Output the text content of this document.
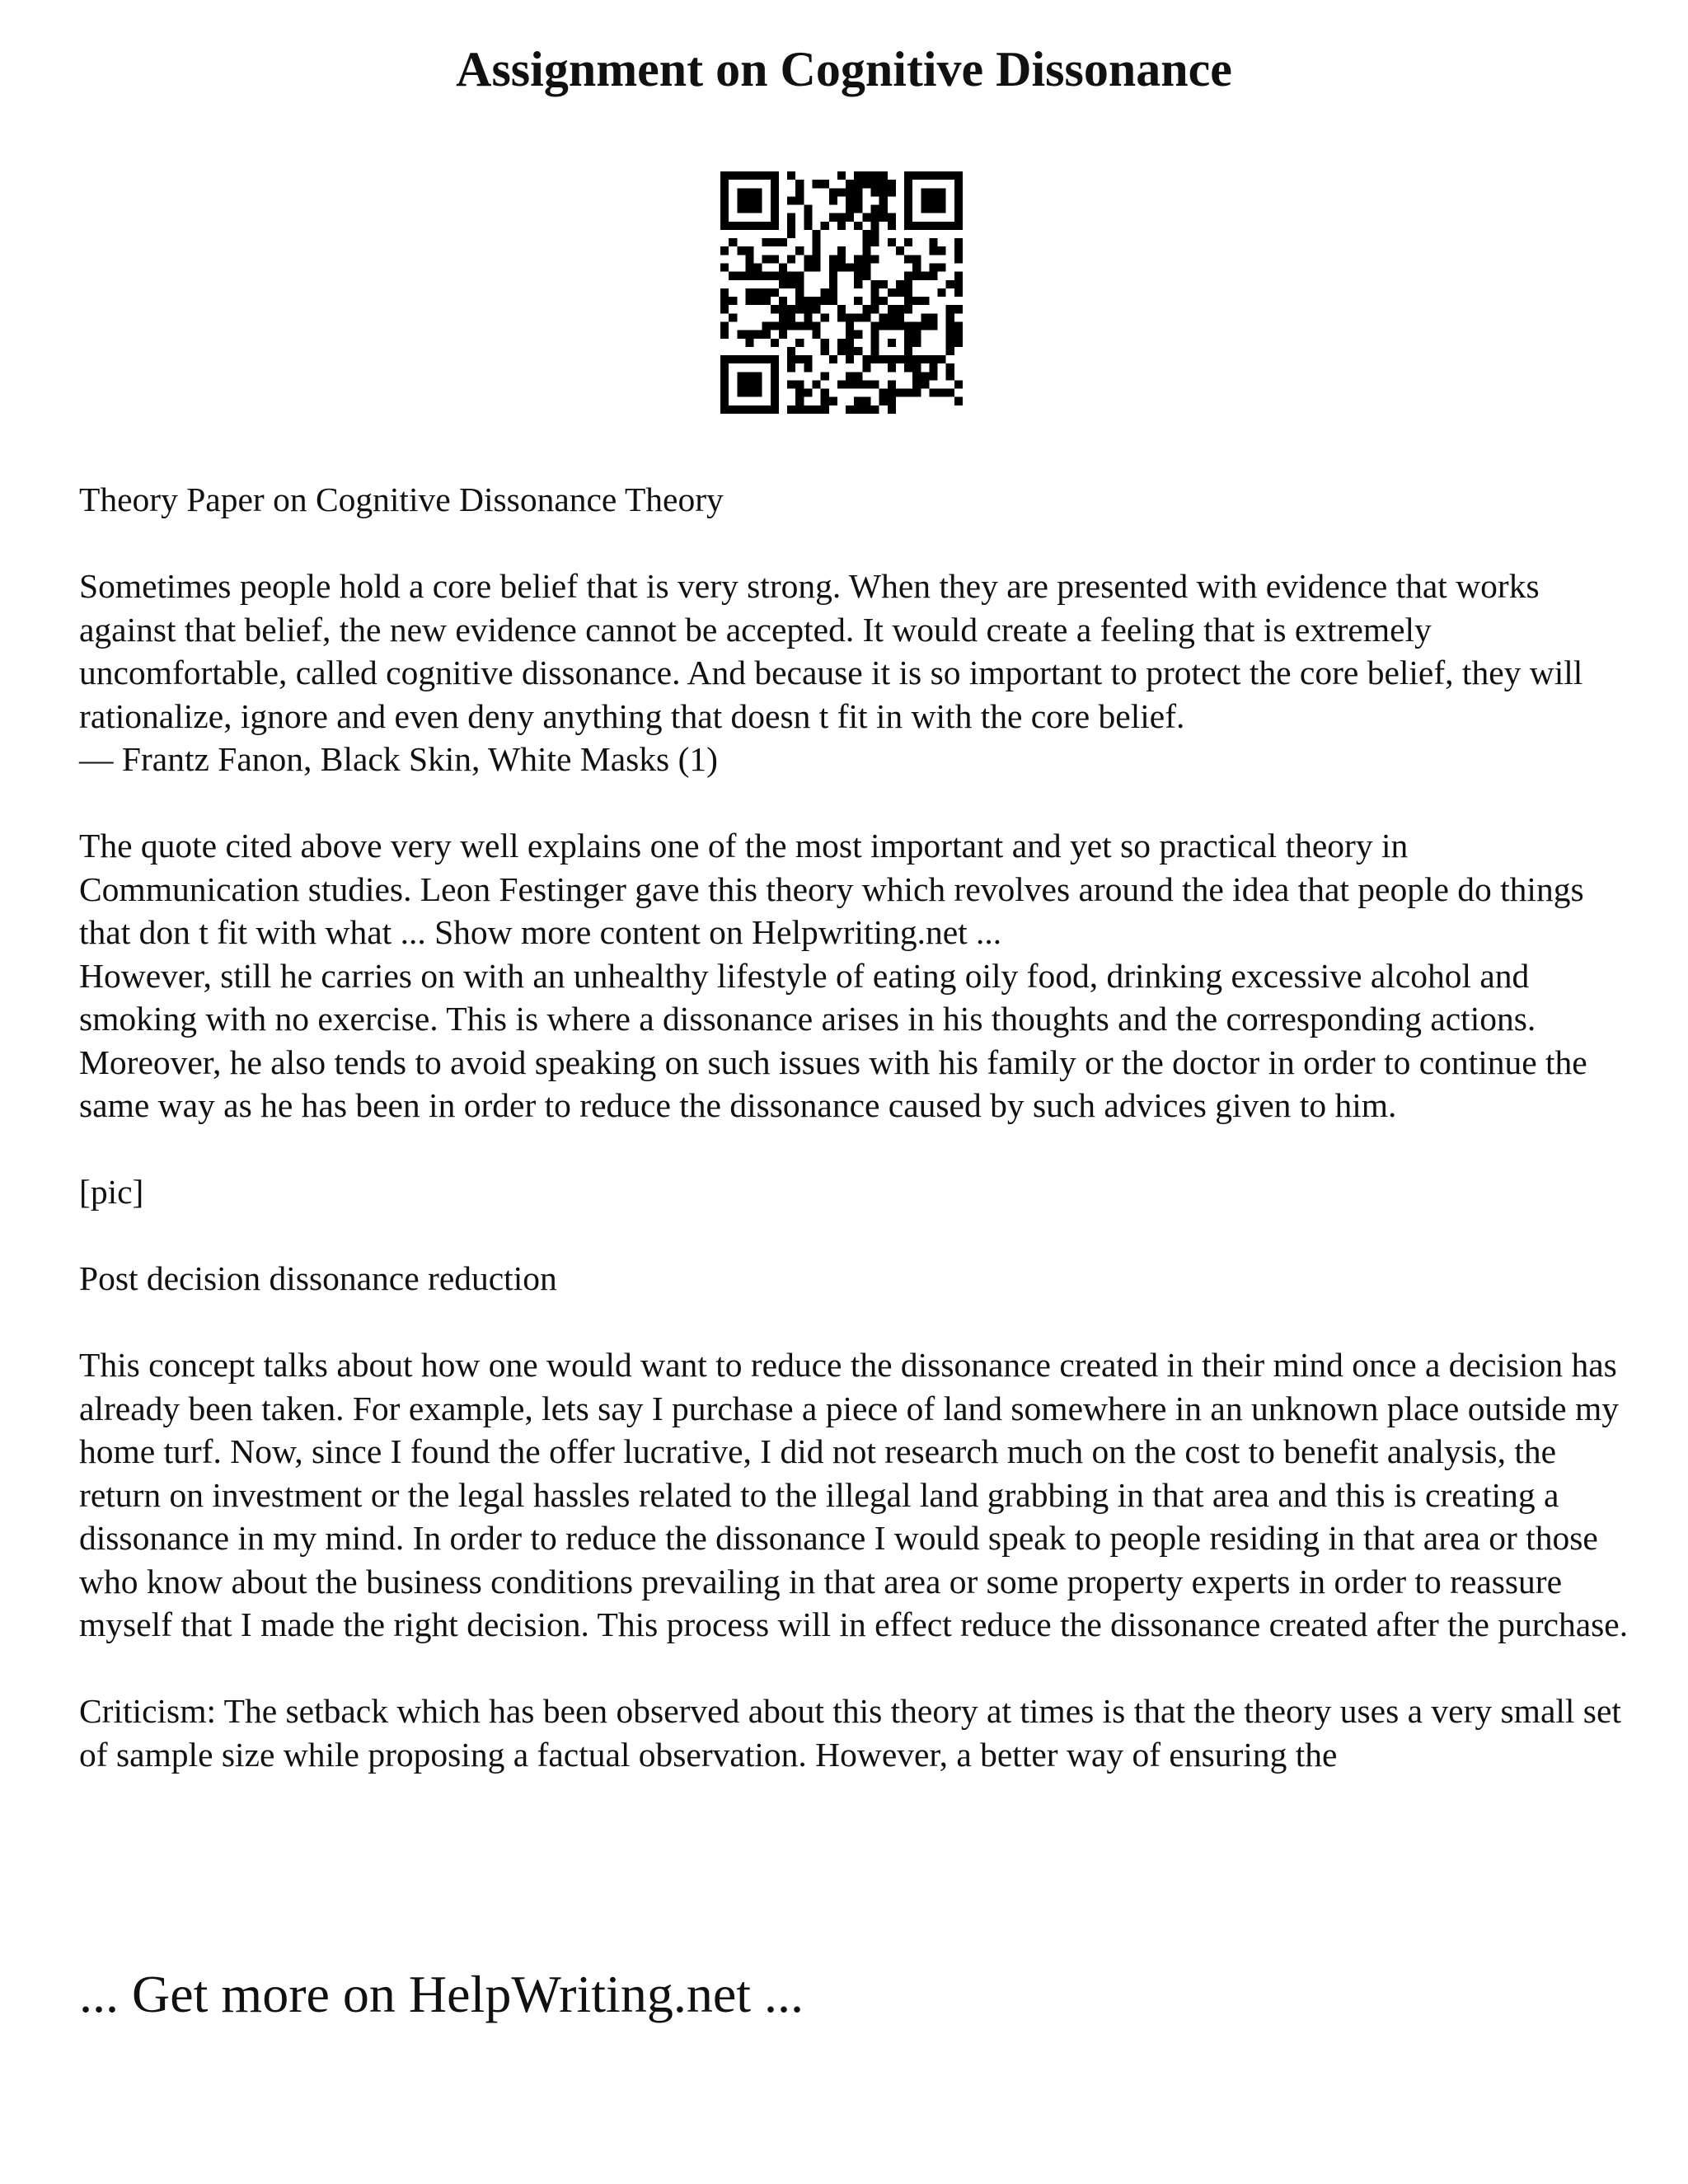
Assignment on Cognitive Dissonance

Theory Paper on Cognitive Dissonance Theory

Sometimes people hold a core belief that is very strong. When they are presented with evidence that works against that belief, the new evidence cannot be accepted. It would create a feeling that is extremely uncomfortable, called cognitive dissonance. And because it is so important to protect the core belief, they will rationalize, ignore and even deny anything that doesn t fit in with the core belief.

― Frantz Fanon, Black Skin, White Masks (1)

The quote cited above very well explains one of the most important and yet so practical theory in Communication studies. Leon Festinger gave this theory which revolves around the idea that people do things that don t fit with what ... Show more content on Helpwriting.net ...

However, still he carries on with an unhealthy lifestyle of eating oily food, drinking excessive alcohol and smoking with no exercise. This is where a dissonance arises in his thoughts and the corresponding actions. Moreover, he also tends to avoid speaking on such issues with his family or the doctor in order to continue the same way as he has been in order to reduce the dissonance caused by such advices given to him.

[pic]

Post decision dissonance reduction

This concept talks about how one would want to reduce the dissonance created in their mind once a decision has already been taken. For example, lets say I purchase a piece of land somewhere in an unknown place outside my home turf. Now, since I found the offer lucrative, I did not research much on the cost to benefit analysis, the return on investment or the legal hassles related to the illegal land grabbing in that area and this is creating a dissonance in my mind. In order to reduce the dissonance I would speak to people residing in that area or those who know about the business conditions prevailing in that area or some property experts in order to reassure myself that I made the right decision. This process will in effect reduce the dissonance created after the purchase.

Criticism: The setback which has been observed about this theory at times is that the theory uses a very small set of sample size while proposing a factual observation. However, a better way of ensuring the

... Get more on HelpWriting.net ...
